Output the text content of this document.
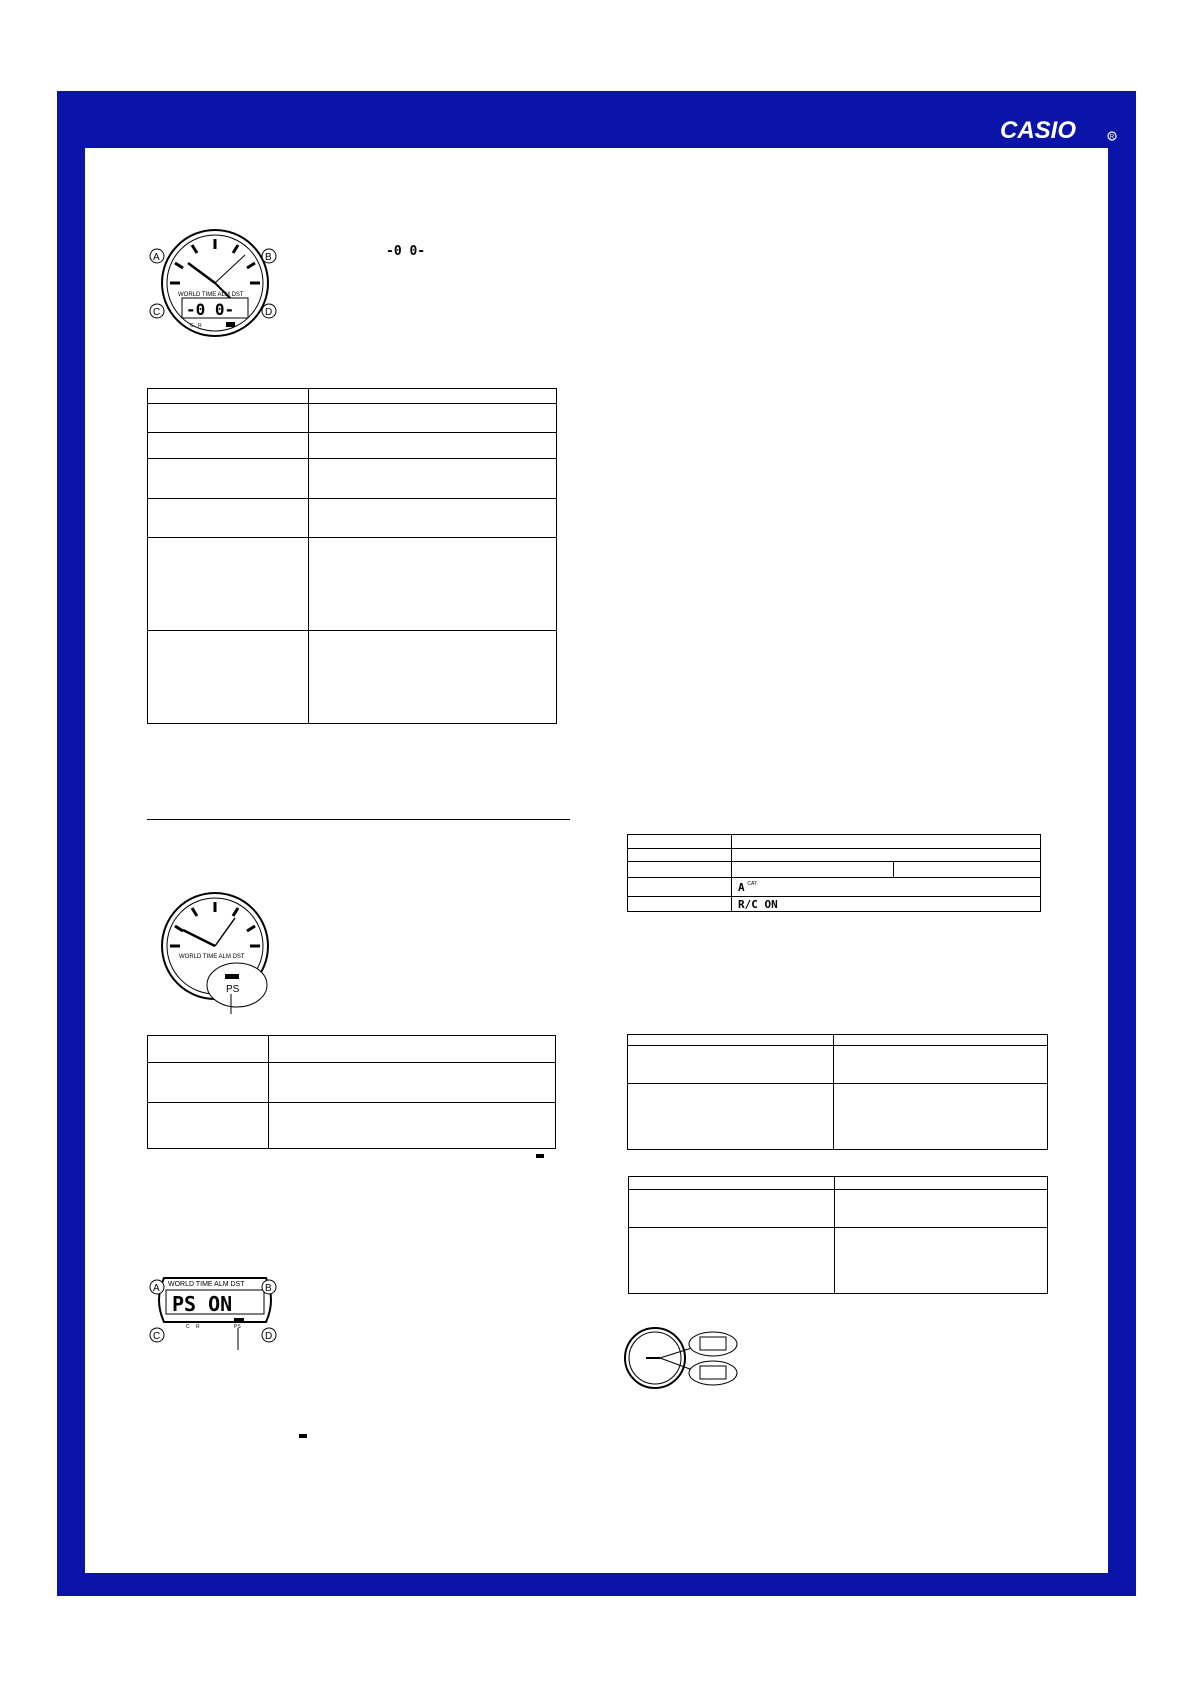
CASIO	R
WORLD TIME ALM DST
-0 0-
C R
A	B
C	D
-0 0-

WORLD TIME ALM DST
PS

WORLD TIME ALM DST
PS ON
C R	PS
A	B
C	D

	A $^{CAT}$
	R/C ON	
